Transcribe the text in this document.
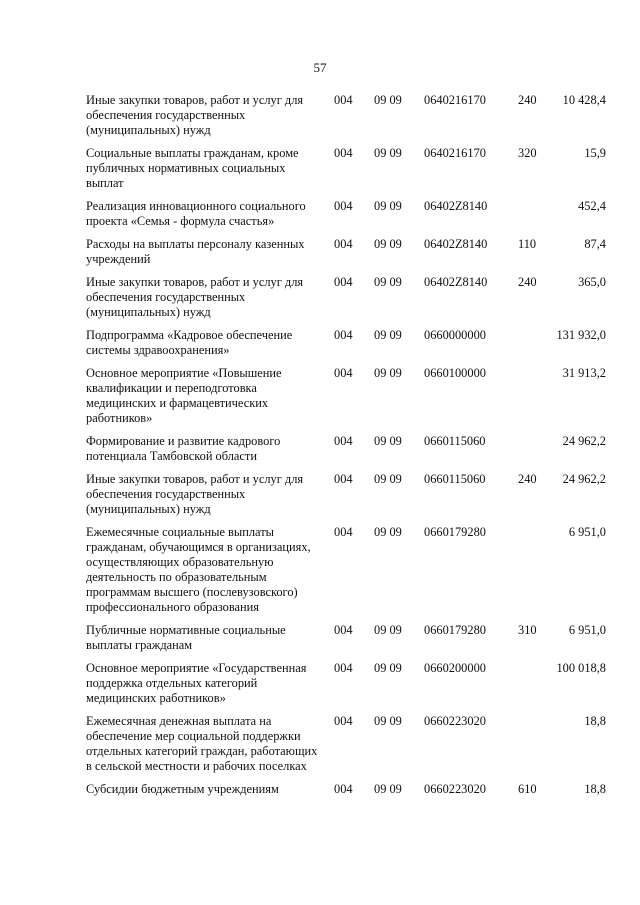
57
Иные закупки товаров, работ и услуг для обеспечения государственных (муниципальных) нужд	004	09 09	0640216170	240	10 428,4
Социальные выплаты гражданам, кроме публичных нормативных социальных выплат	004	09 09	0640216170	320	15,9
Реализация инновационного социального проекта «Семья - формула счастья»	004	09 09	06402Z8140		452,4
Расходы на выплаты персоналу казенных учреждений	004	09 09	06402Z8140	110	87,4
Иные закупки товаров, работ и услуг для обеспечения государственных (муниципальных) нужд	004	09 09	06402Z8140	240	365,0
Подпрограмма «Кадровое обеспечение системы здравоохранения»	004	09 09	0660000000		131 932,0
Основное мероприятие «Повышение квалификации и переподготовка медицинских и фармацевтических работников»	004	09 09	0660100000		31 913,2
Формирование и развитие кадрового потенциала Тамбовской области	004	09 09	0660115060		24 962,2
Иные закупки товаров, работ и услуг для обеспечения государственных (муниципальных) нужд	004	09 09	0660115060	240	24 962,2
Ежемесячные социальные выплаты гражданам, обучающимся в организациях, осуществляющих образовательную деятельность по образовательным программам высшего (послевузовского) профессионального образования	004	09 09	0660179280		6 951,0
Публичные нормативные социальные выплаты гражданам	004	09 09	0660179280	310	6 951,0
Основное мероприятие «Государственная поддержка отдельных категорий медицинских работников»	004	09 09	0660200000		100 018,8
Ежемесячная денежная выплата на обеспечение мер социальной поддержки отдельных категорий граждан, работающих в сельской местности и рабочих поселках	004	09 09	0660223020		18,8
Субсидии бюджетным учреждениям	004	09 09	0660223020	610	18,8
